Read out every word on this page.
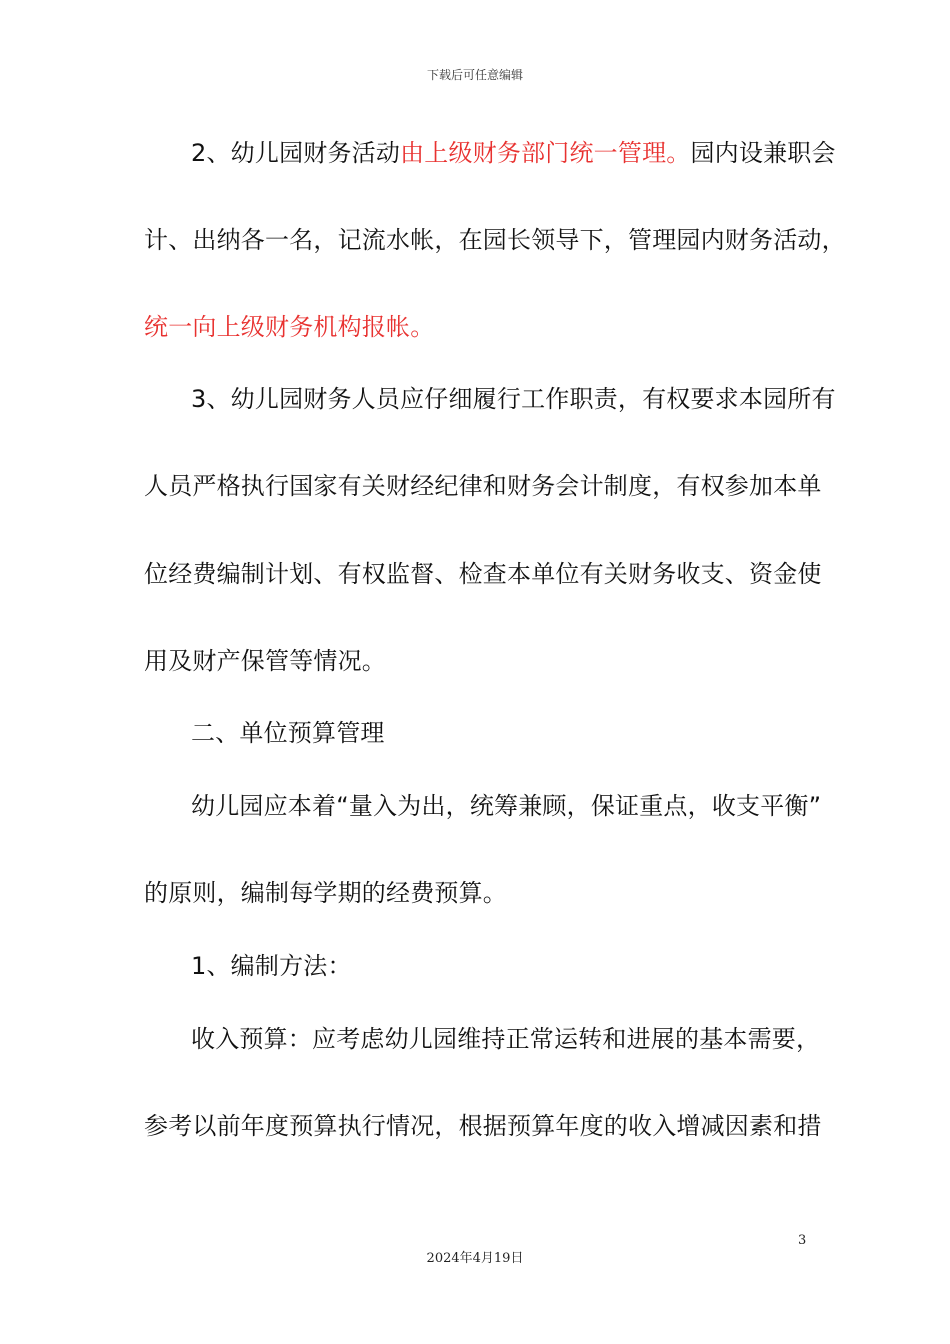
下载后可任意编辑
2、幼儿园财务活动由上级财务部门统一管理。园内设兼职会
计、出纳各一名，记流水帐，在园长领导下，管理园内财务活动，
统一向上级财务机构报帐。
3、幼儿园财务人员应仔细履行工作职责，有权要求本园所有
人员严格执行国家有关财经纪律和财务会计制度，有权参加本单
位经费编制计划、有权监督、检查本单位有关财务收支、资金使
用及财产保管等情况。
二、单位预算管理
幼儿园应本着“量入为出，统筹兼顾，保证重点，收支平衡”
的原则，编制每学期的经费预算。
1、编制方法：
收入预算：应考虑幼儿园维持正常运转和进展的基本需要，
参考以前年度预算执行情况，根据预算年度的收入增减因素和措
3
2024年4月19日
